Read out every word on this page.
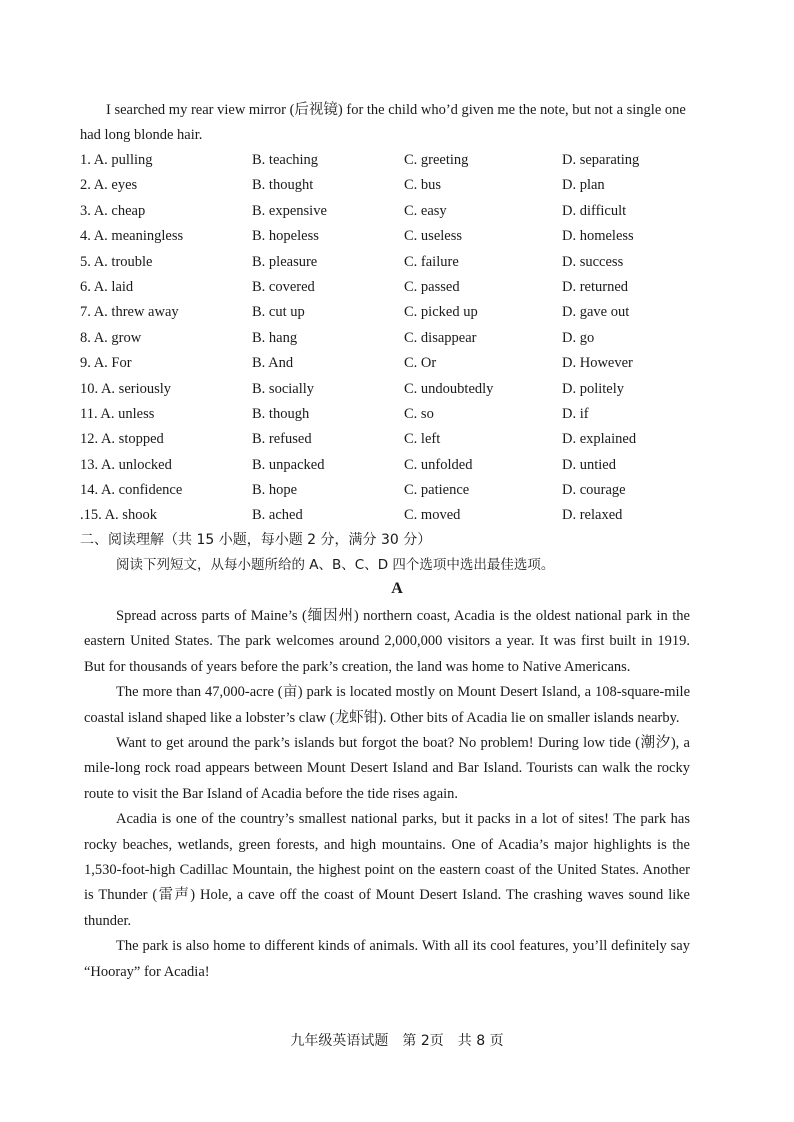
I searched my rear view mirror (后视镜) for the child who’d given me the note, but not a single one had long blonde hair.

1. A. pulling	B. teaching	C. greeting	D. separating
2. A. eyes	B. thought	C. bus	D. plan
3. A. cheap	B. expensive	C. easy	D. difficult
4. A. meaningless	B. hopeless	C. useless	D. homeless
5. A. trouble	B. pleasure	C. failure	D. success
6. A. laid	B. covered	C. passed	D. returned
7. A. threw away	B. cut up	C. picked up	D. gave out
8. A. grow	B. hang	C. disappear	D. go
9. A. For	B. And	C. Or	D. However
10. A. seriously	B. socially	C. undoubtedly	D. politely
11. A. unless	B. though	C. so	D. if
12. A. stopped	B. refused	C. left	D. explained
13. A. unlocked	B. unpacked	C. unfolded	D. untied
14. A. confidence	B. hope	C. patience	D. courage
.15. A. shook	B. ached	C. moved	D. relaxed

二、阅读理解（共 15 小题，每小题 2 分，满分 30 分）

阅读下列短文，从每小题所给的 A、B、C、D 四个选项中选出最佳选项。

A

Spread across parts of Maine’s (缅因州) northern coast, Acadia is the oldest national park in the eastern United States. The park welcomes around 2,000,000 visitors a year. It was first built in 1919. But for thousands of years before the park’s creation, the land was home to Native Americans.

The more than 47,000-acre (亩) park is located mostly on Mount Desert Island, a 108-square-mile coastal island shaped like a lobster’s claw (龙虾钳). Other bits of Acadia lie on smaller islands nearby.

Want to get around the park’s islands but forgot the boat? No problem! During low tide (潮汐), a mile-long rock road appears between Mount Desert Island and Bar Island. Tourists can walk the rocky route to visit the Bar Island of Acadia before the tide rises again.

Acadia is one of the country’s smallest national parks, but it packs in a lot of sites! The park has rocky beaches, wetlands, green forests, and high mountains. One of Acadia’s major highlights is the 1,530-foot-high Cadillac Mountain, the highest point on the eastern coast of the United States. Another is Thunder (雷声) Hole, a cave off the coast of Mount Desert Island. The crashing waves sound like thunder.

The park is also home to different kinds of animals. With all its cool features, you’ll definitely say “Hooray” for Acadia!

九年级英语试题　第 2页　共 8 页
